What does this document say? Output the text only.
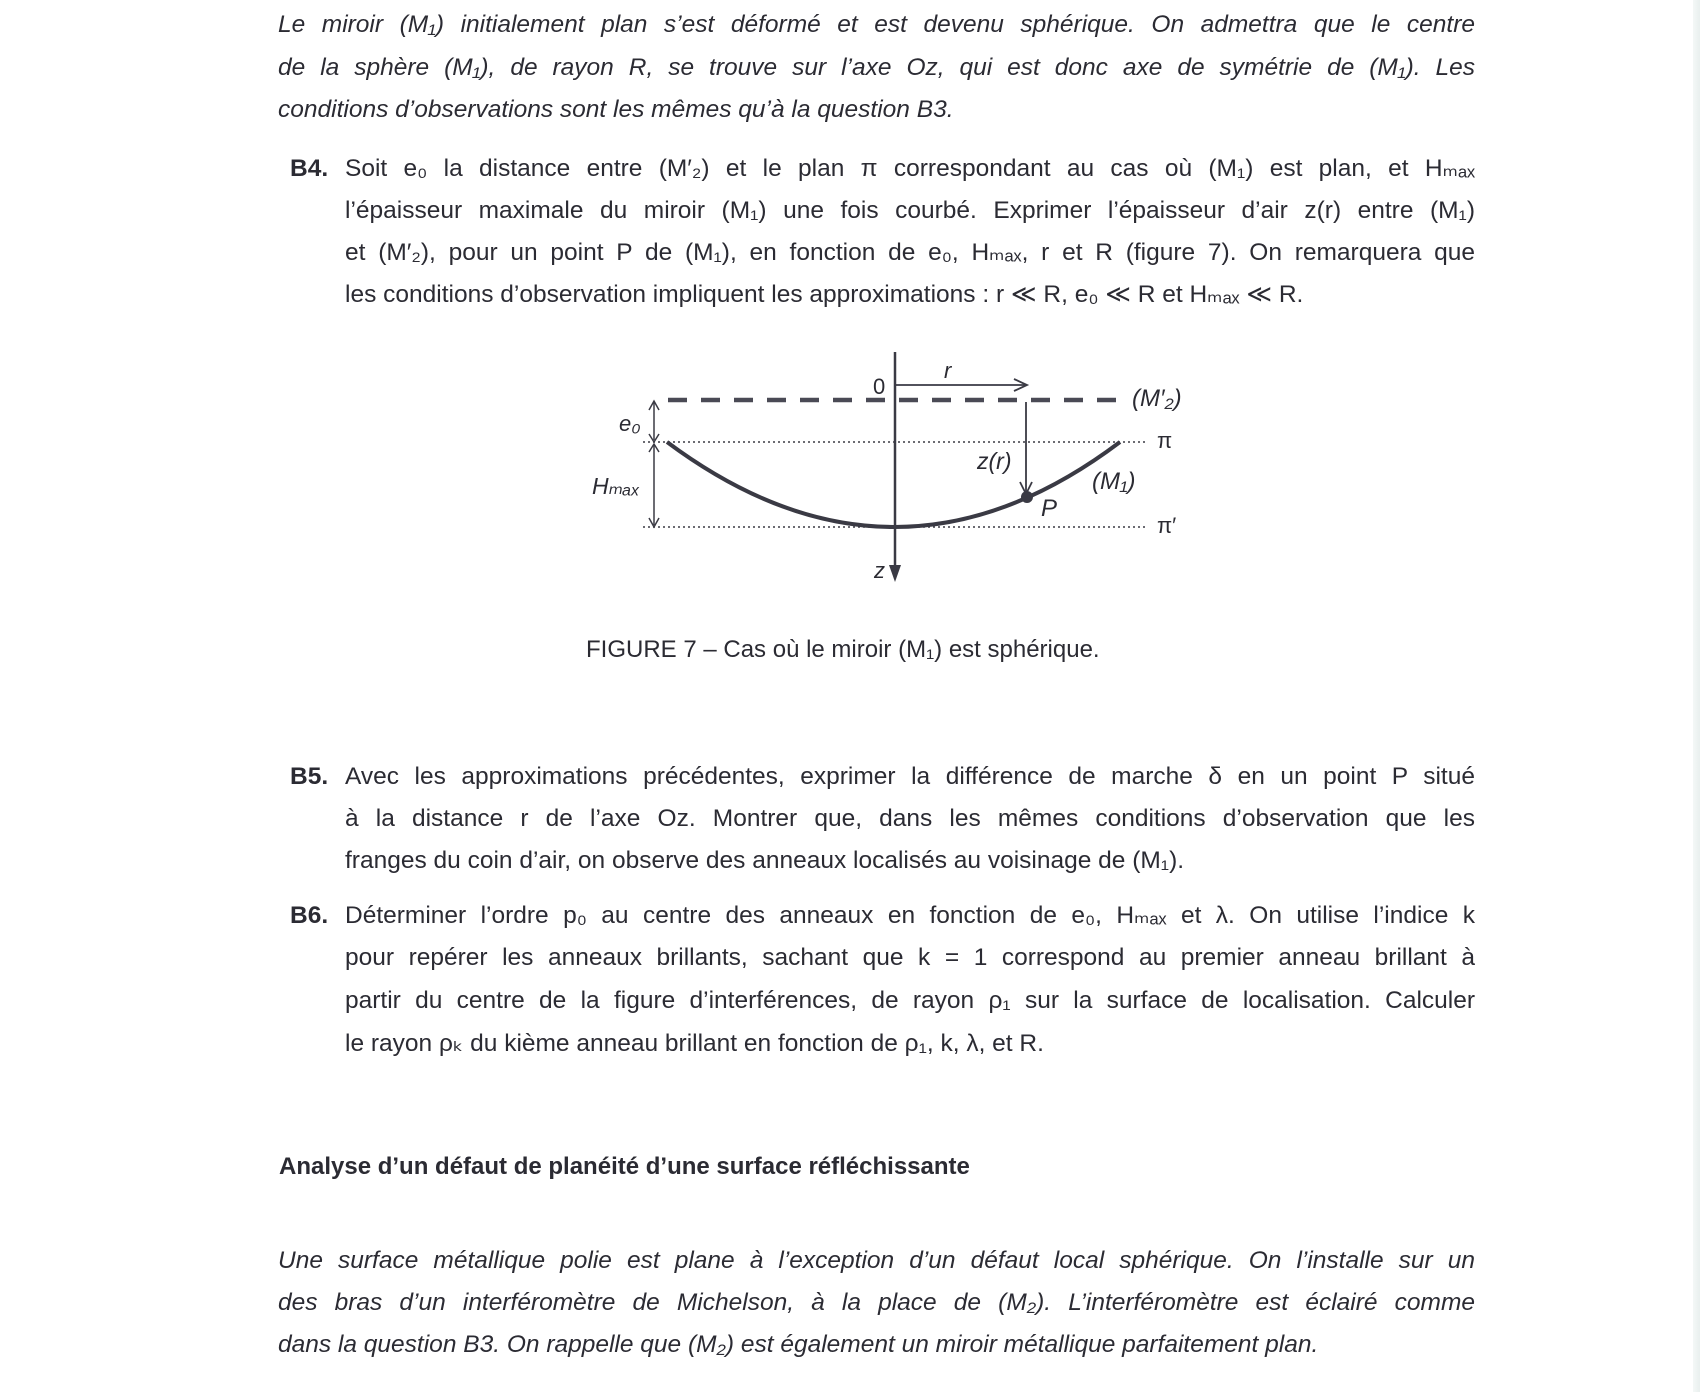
Le miroir (M₁) initialement plan s’est déformé et est devenu sphérique. On admettra que le centre
de la sphère (M₁), de rayon R, se trouve sur l’axe Oz, qui est donc axe de symétrie de (M₁). Les
conditions d’observations sont les mêmes qu’à la question B3.
B4. Soit e₀ la distance entre (M′₂) et le plan π correspondant au cas où (M₁) est plan, et Hₘₐₓ
l’épaisseur maximale du miroir (M₁) une fois courbé. Exprimer l’épaisseur d’air z(r) entre (M₁)
et (M′₂), pour un point P de (M₁), en fonction de e₀, Hₘₐₓ, r et R (figure 7). On remarquera que
les conditions d’observation impliquent les approximations : r ≪ R, e₀ ≪ R et Hₘₐₓ ≪ R.
0
r
(M′₂)
e₀
π
Hₘₐₓ
z(r)
(M₁)
P
π′
z
FIGURE 7 – Cas où le miroir (M₁) est sphérique.
B5. Avec les approximations précédentes, exprimer la différence de marche δ en un point P situé
à la distance r de l’axe Oz. Montrer que, dans les mêmes conditions d’observation que les
franges du coin d’air, on observe des anneaux localisés au voisinage de (M₁).
B6. Déterminer l’ordre p₀ au centre des anneaux en fonction de e₀, Hₘₐₓ et λ. On utilise l’indice k
pour repérer les anneaux brillants, sachant que k = 1 correspond au premier anneau brillant à
partir du centre de la figure d’interférences, de rayon ρ₁ sur la surface de localisation. Calculer
le rayon ρₖ du kième anneau brillant en fonction de ρ₁, k, λ, et R.
Analyse d’un défaut de planéité d’une surface réfléchissante
Une surface métallique polie est plane à l’exception d’un défaut local sphérique. On l’installe sur un
des bras d’un interféromètre de Michelson, à la place de (M₂). L’interféromètre est éclairé comme
dans la question B3. On rappelle que (M₂) est également un miroir métallique parfaitement plan.
